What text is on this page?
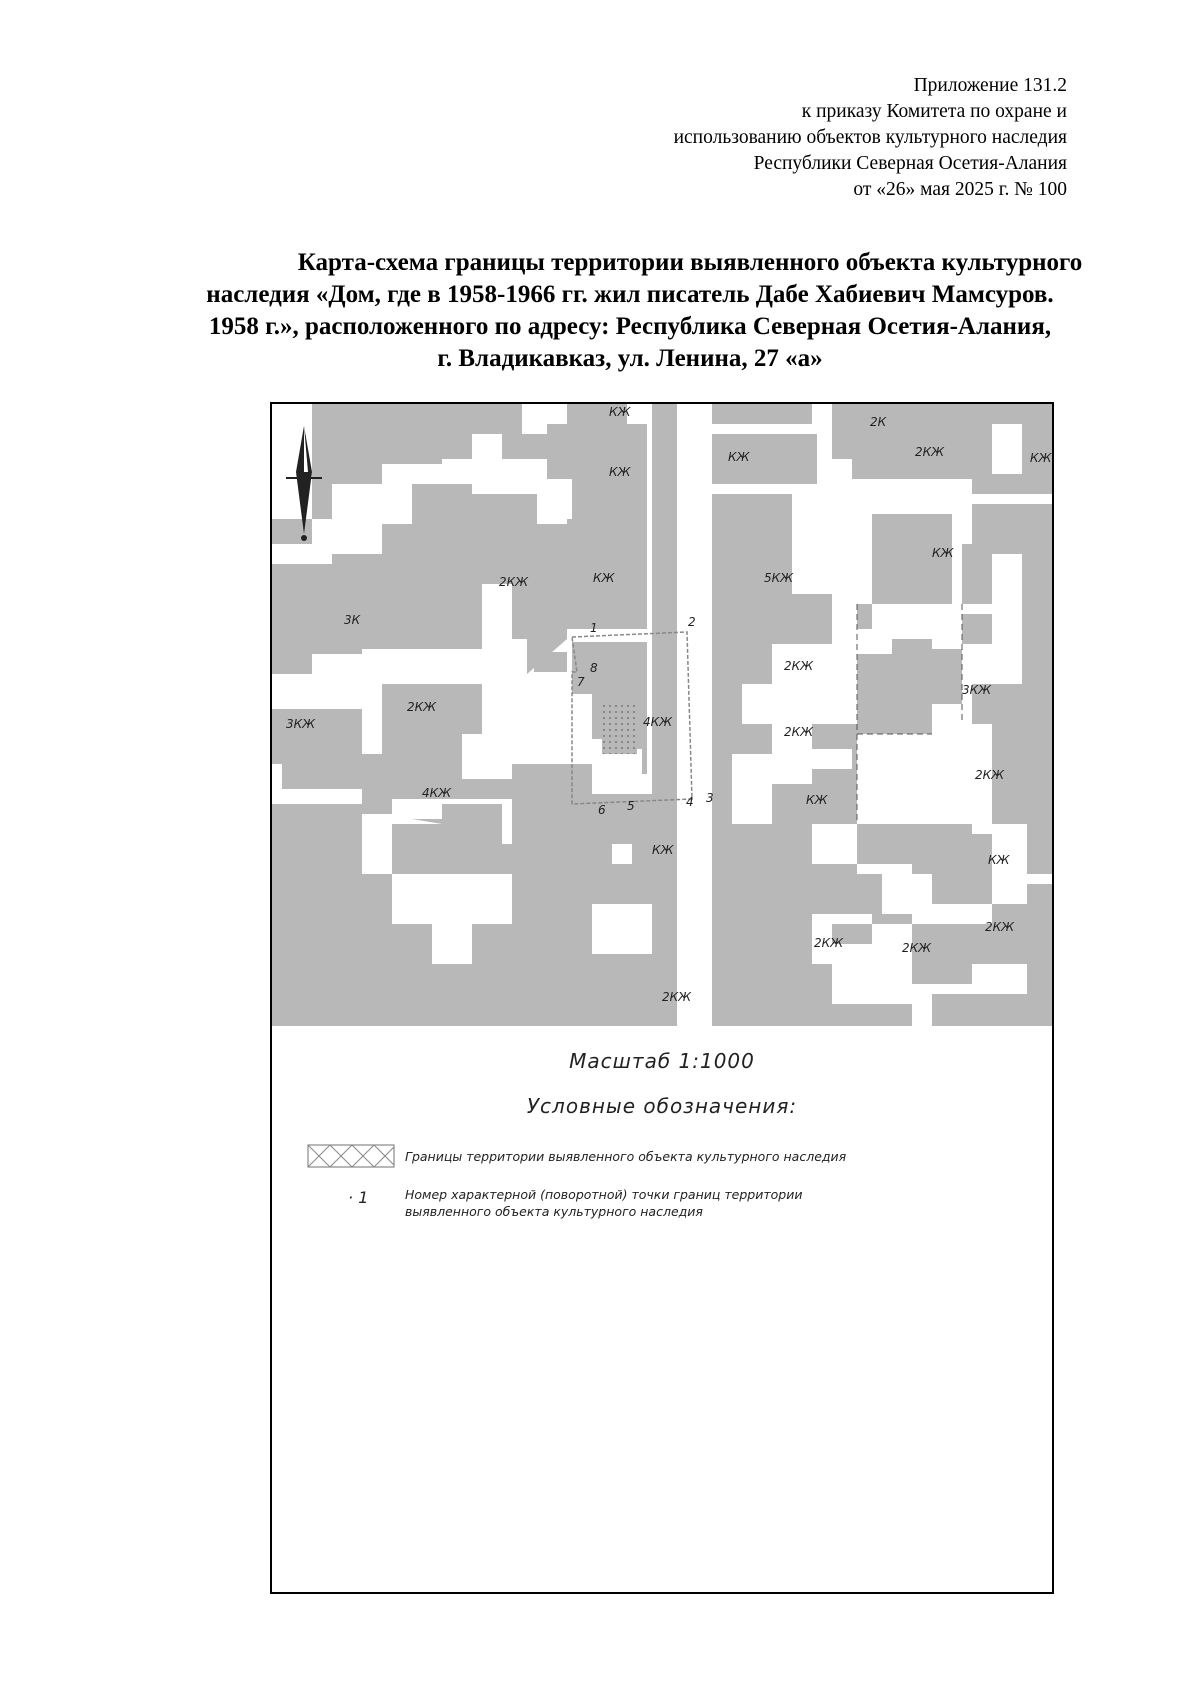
Приложение 131.2
к приказу Комитета по охране и
использованию объектов культурного наследия
Республики Северная Осетия-Алания
от «26» мая 2025 г. № 100
Карта-схема границы территории выявленного объекта культурного
наследия «Дом, где в 1958-1966 гг. жил писатель Дабе Хабиевич Мамсуров.
1958 г.», расположенного по адресу: Республика Северная Осетия-Алания,
г. Владикавказ, ул. Ленина, 27 «а»
КЖ
КЖ
2К
2КЖ	КЖ
КЖ
2КЖ	КЖ	5КЖ
3К
КЖ
2КЖ
2КЖ
3КЖ
4КЖ
3КЖ
2КЖ
4КЖ
2КЖ
КЖ
КЖ
КЖ
2КЖ
2КЖ	2КЖ
2КЖ
1	2
3
4
5
6
7
8
Масштаб 1:1000
Условные обозначения:
Границы территории выявленного объекта культурного наследия
· 1	Номер характерной (поворотной) точки границ территории
выявленного объекта культурного наследия
